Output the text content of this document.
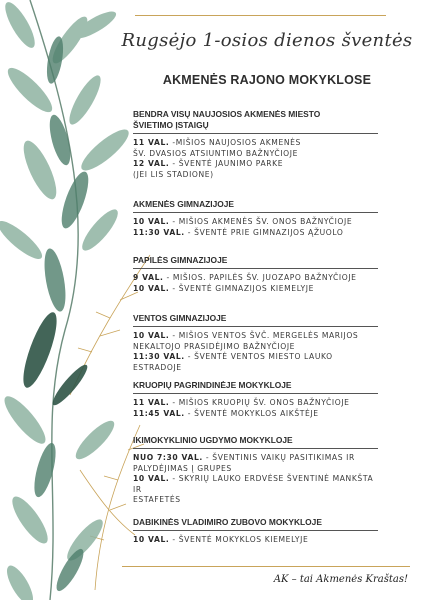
Rugsėjo 1-osios dienos šventės
AKMENĖS RAJONO MOKYKLOSE
BENDRA VISŲ NAUJOSIOS AKMENĖS MIESTO
ŠVIETIMO ĮSTAIGŲ
11 VAL. -MIŠIOS NAUJOSIOS AKMENĖS
ŠV. DVASIOS ATSIUNTIMO BAŽNYČIOJE
12 VAL. - ŠVENTĖ JAUNIMO PARKE
(JEI LIS STADIONE)
AKMENĖS GIMNAZIJOJE
10 VAL. - MIŠIOS AKMENĖS ŠV. ONOS BAŽNYČIOJE
11:30 VAL. - ŠVENTĖ PRIE GIMNAZIJOS ĄŽUOLO
PAPILĖS GIMNAZIJOJE
9 VAL. - MIŠIOS. PAPILĖS ŠV. JUOZAPO BAŽNYČIOJE
10 VAL. - ŠVENTĖ GIMNAZIJOS KIEMELYJE
VENTOS GIMNAZIJOJE
10 VAL. - MIŠIOS VENTOS ŠVČ. MERGELĖS MARIJOS
NEKALTOJO PRASIDĖJIMO BAŽNYČIOJE
11:30 VAL. - ŠVENTĖ VENTOS MIESTO LAUKO ESTRADOJE
KRUOPIŲ PAGRINDINĖJE MOKYKLOJE
11 VAL. - MIŠIOS KRUOPIŲ ŠV. ONOS BAŽNYČIOJE
11:45 VAL. - ŠVENTĖ MOKYKLOS AIKŠTĖJE
IKIMOKYKLINIO UGDYMO MOKYKLOJE
NUO 7:30 VAL. - ŠVENTINIS VAIKŲ PASITIKIMAS IR
PALYDĖJIMAS Į GRUPES
10 VAL. - SKYRIŲ LAUKO ERDVĖSE ŠVENTINĖ MANKŠTA IR
ESTAFETĖS
DABIKINĖS VLADIMIRO ZUBOVO MOKYKLOJE
10 VAL. - ŠVENTĖ MOKYKLOS KIEMELYJE
AK – tai Akmenės Kraštas!
